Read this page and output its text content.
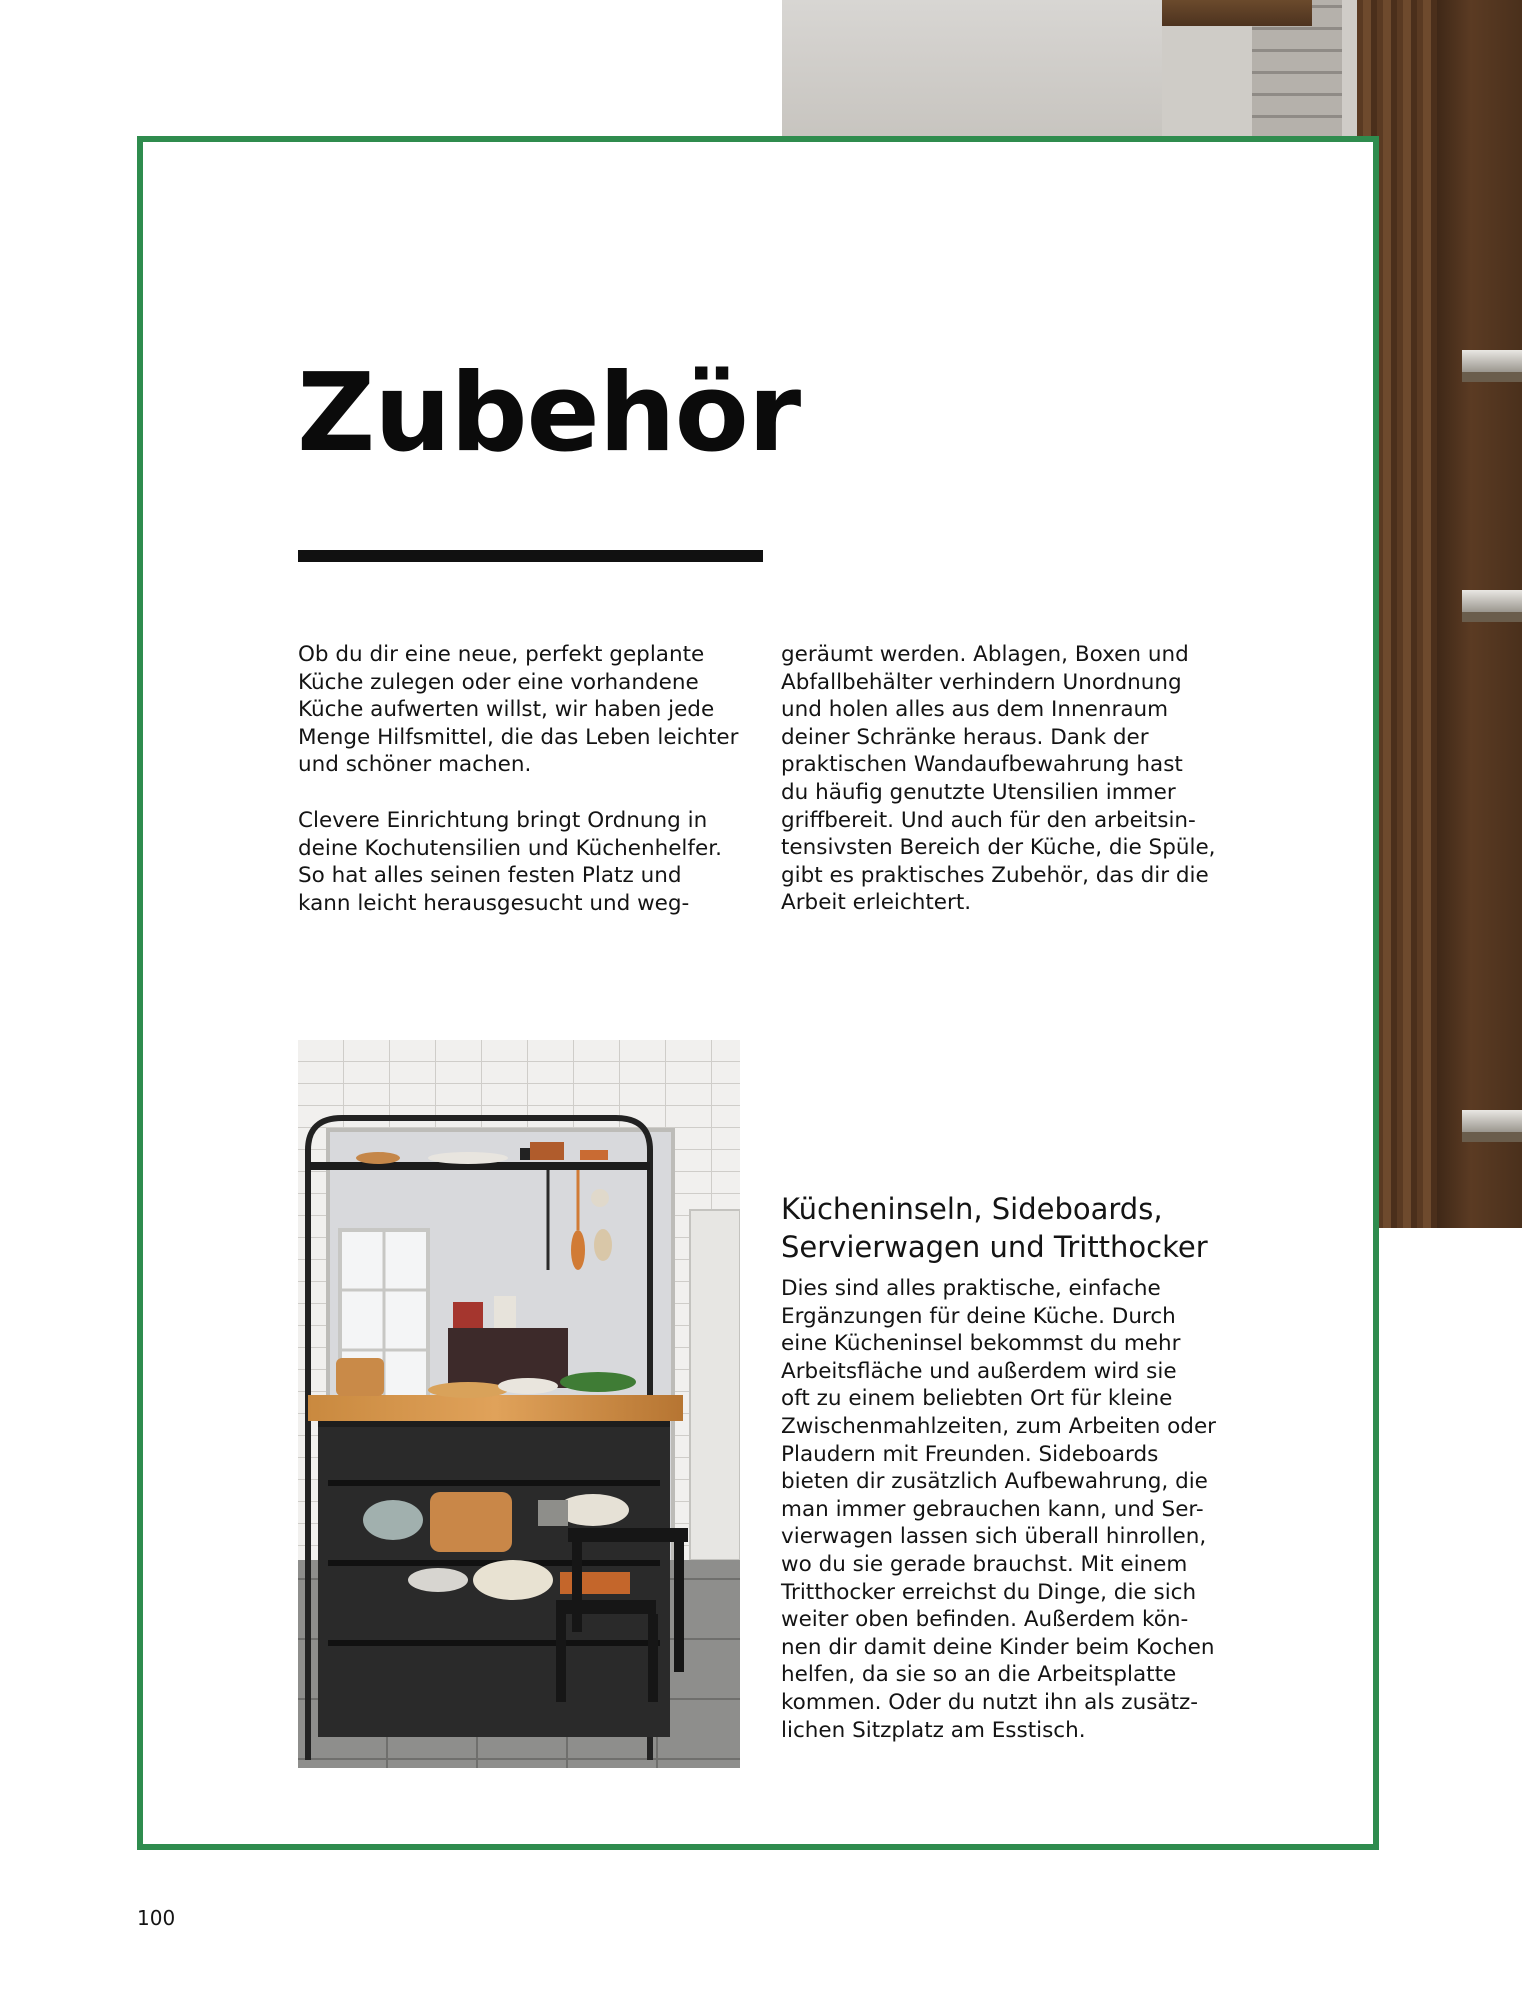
Zubehör

Ob du dir eine neue, perfekt geplante
Küche zulegen oder eine vorhandene
Küche aufwerten willst, wir haben jede
Menge Hilfsmittel, die das Leben leichter
und schöner machen.

Clevere Einrichtung bringt Ordnung in
deine Kochutensilien und Küchenhelfer.
So hat alles seinen festen Platz und
kann leicht herausgesucht und weg-

geräumt werden. Ablagen, Boxen und
Abfallbehälter verhindern Unordnung
und holen alles aus dem Innenraum
deiner Schränke heraus. Dank der
praktischen Wandaufbewahrung hast
du häufig genutzte Utensilien immer
griffbereit. Und auch für den arbeitsin-
tensivsten Bereich der Küche, die Spüle,
gibt es praktisches Zubehör, das dir die
Arbeit erleichtert.

Kücheninseln, Sideboards,
Servierwagen und Tritthocker

Dies sind alles praktische, einfache
Ergänzungen für deine Küche. Durch
eine Kücheninsel bekommst du mehr
Arbeitsfläche und außerdem wird sie
oft zu einem beliebten Ort für kleine
Zwischenmahlzeiten, zum Arbeiten oder
Plaudern mit Freunden. Sideboards
bieten dir zusätzlich Aufbewahrung, die
man immer gebrauchen kann, und Ser-
vierwagen lassen sich überall hinrollen,
wo du sie gerade brauchst. Mit einem
Tritthocker erreichst du Dinge, die sich
weiter oben befinden. Außerdem kön-
nen dir damit deine Kinder beim Kochen
helfen, da sie so an die Arbeitsplatte
kommen. Oder du nutzt ihn als zusätz-
lichen Sitzplatz am Esstisch.

100
